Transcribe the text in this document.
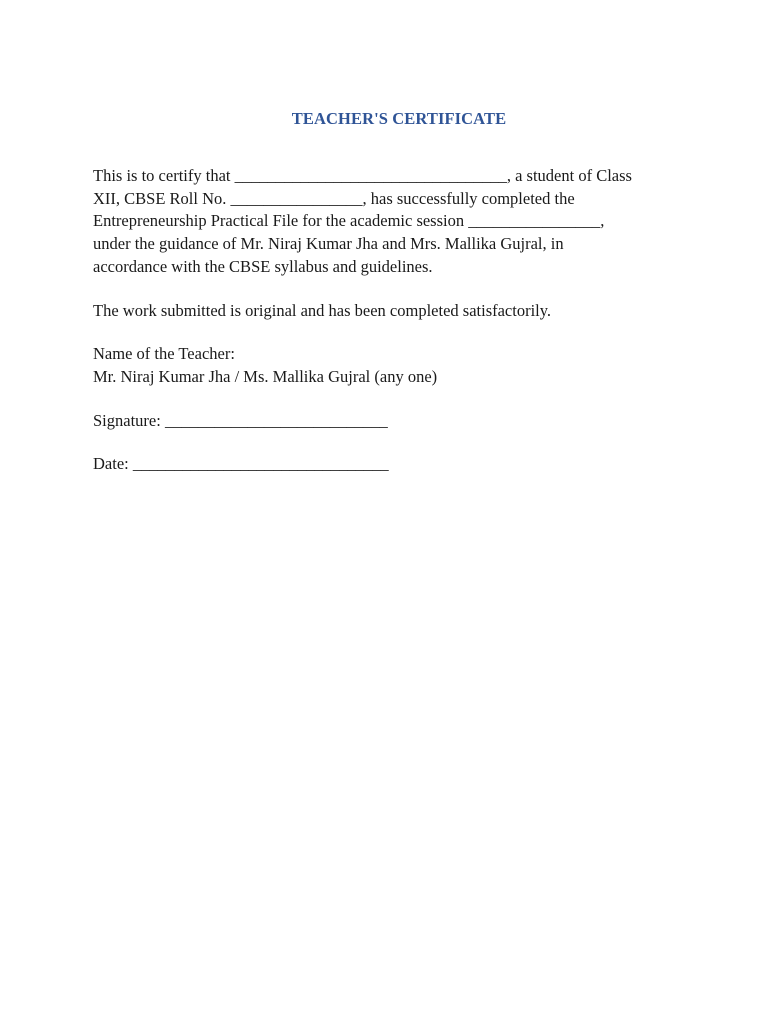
TEACHER'S CERTIFICATE

This is to certify that _________________________________, a student of Class
XII, CBSE Roll No. ________________, has successfully completed the
Entrepreneurship Practical File for the academic session ________________,
under the guidance of Mr. Niraj Kumar Jha and Mrs. Mallika Gujral, in
accordance with the CBSE syllabus and guidelines.

The work submitted is original and has been completed satisfactorily.

Name of the Teacher:
Mr. Niraj Kumar Jha / Ms. Mallika Gujral (any one)

Signature: ___________________________

Date: _______________________________
